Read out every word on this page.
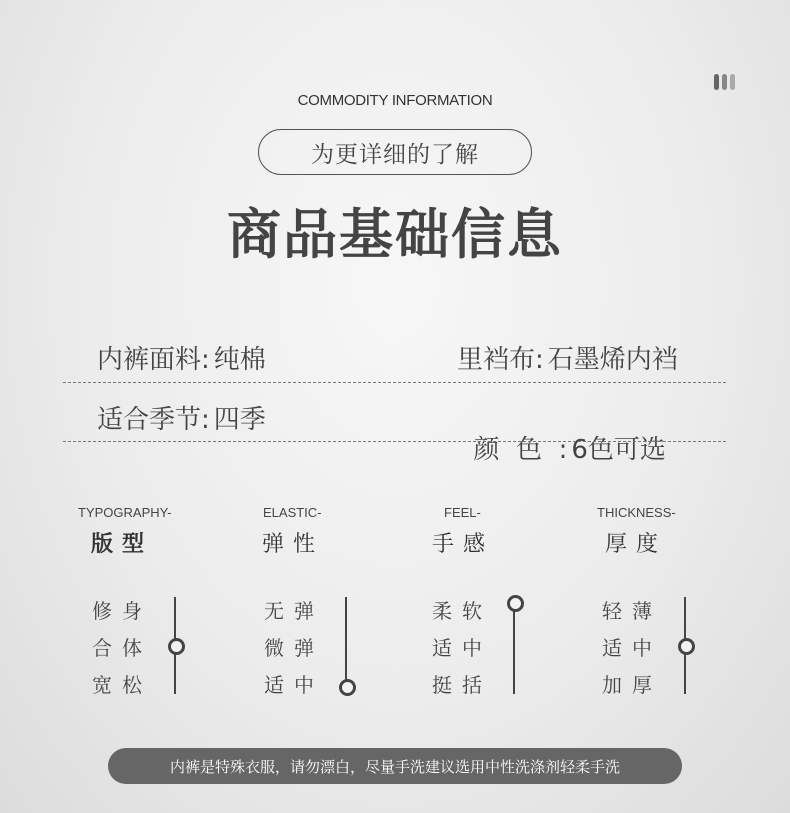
COMMODITY INFORMATION
为更详细的了解
商品基础信息
内裤面料: 纯棉	里裆布: 石墨烯内裆
适合季节: 四季

颜  色  : 6色可选

TYPOGRAPHY-
版型
修身
合体
宽松
ELASTIC-
弹性
无弹
微弹
适中
FEEL-
手感
柔软
适中
挺括
THICKNESS-
厚度
轻薄
适中
加厚
内裤是特殊衣服，请勿漂白，尽量手洗建议选用中性洗涤剂轻柔手洗
